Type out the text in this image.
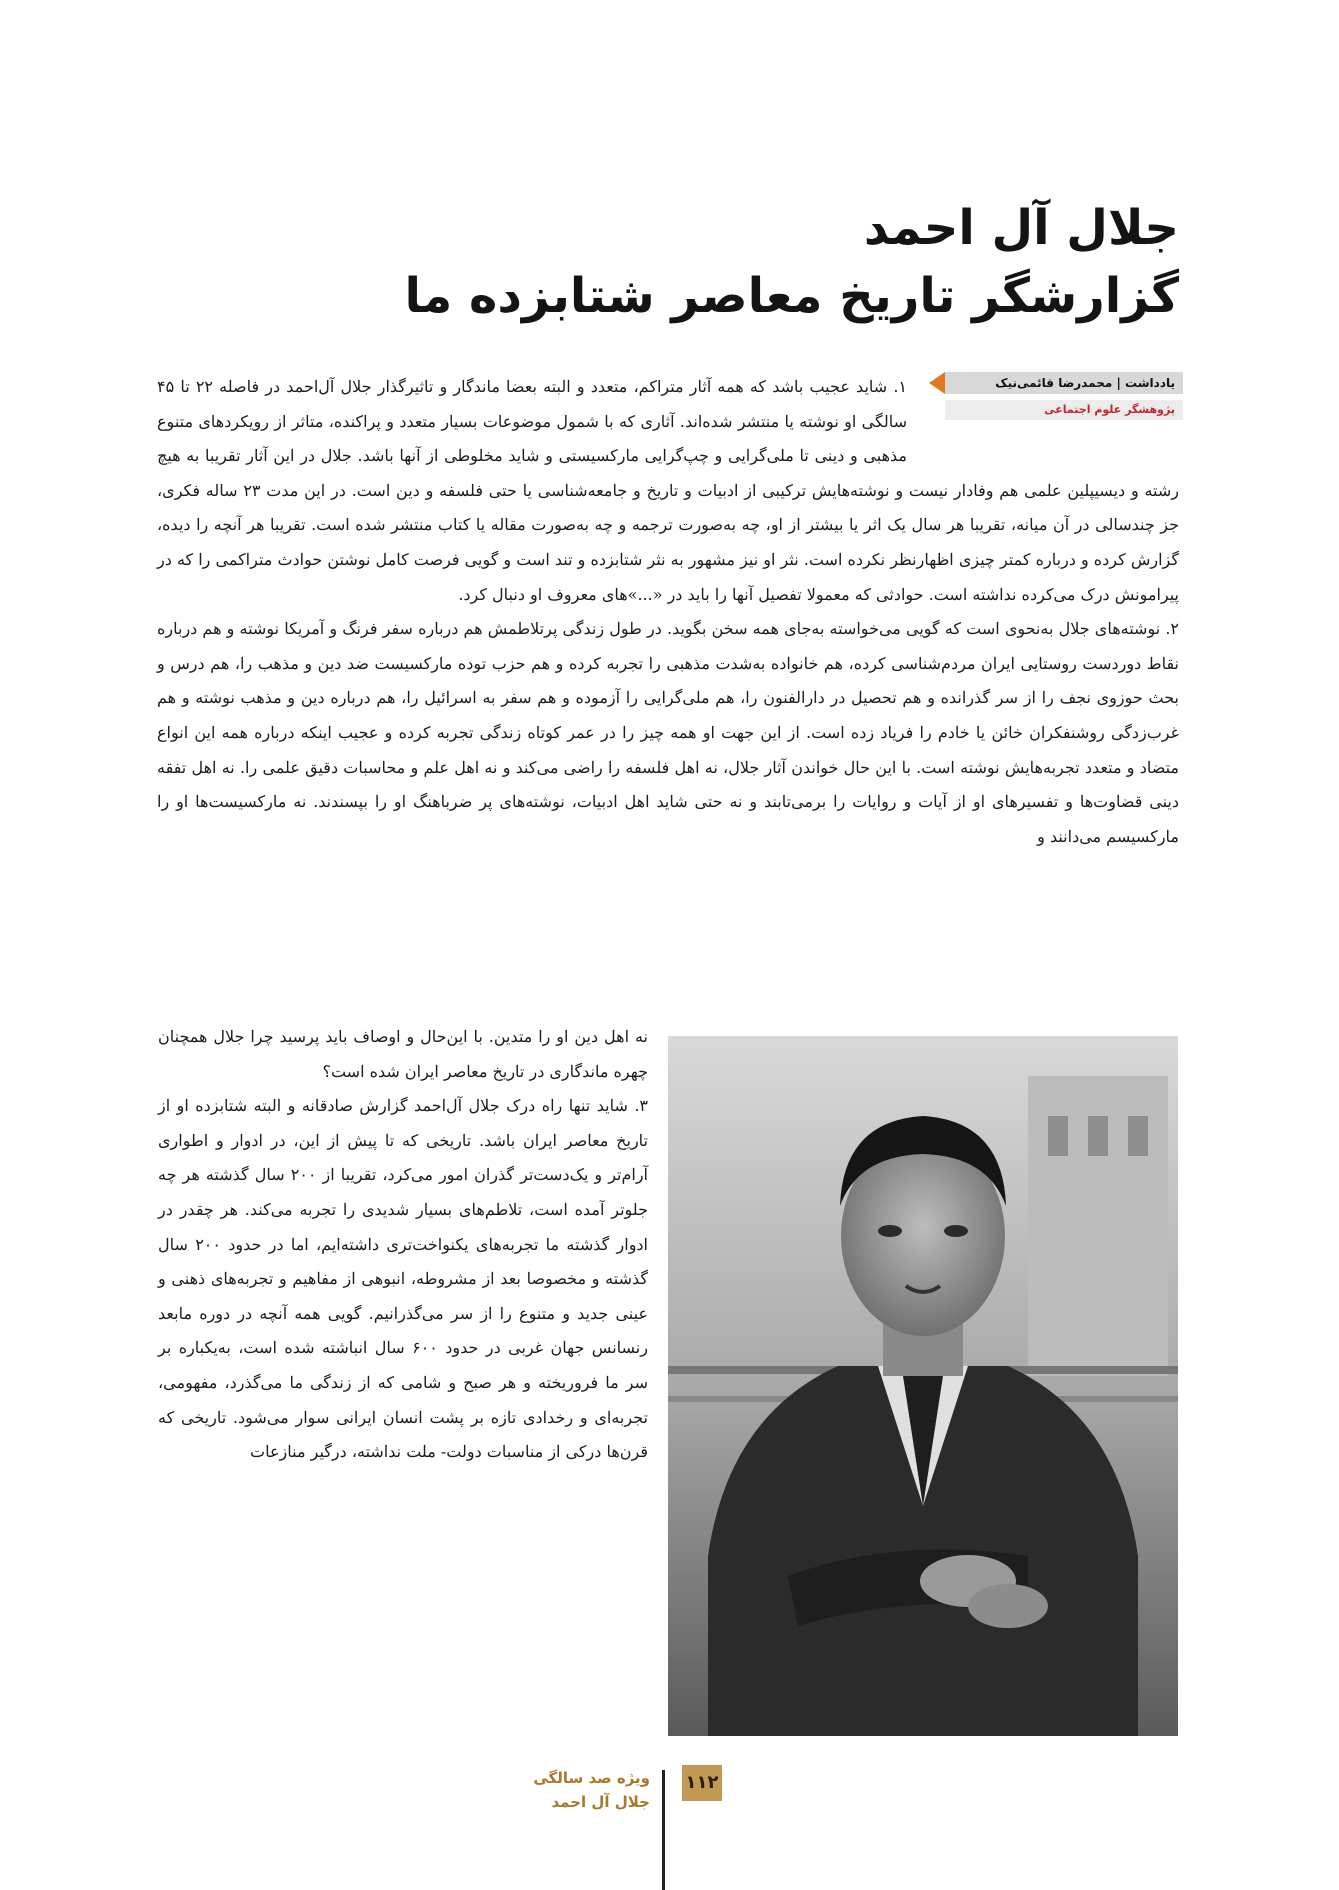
جلال آل احمد
گزارشگر تاریخ معاصر شتابزده ما
یادداشت | محمدرضا قائمی‌نیک
پژوهشگر علوم اجتماعی

۱. شاید عجیب باشد که همه آثار متراکم، متعدد و البته بعضا ماندگار و تاثیرگذار جلال آل‌احمد در فاصله ۲۲ تا ۴۵ سالگی او نوشته یا منتشر شده‌اند. آثاری که با شمول موضوعات بسیار متعدد و پراکنده، متاثر از رویکردهای متنوع مذهبی و دینی تا ملی‌گرایی و چپ‌گرایی مارکسیستی و شاید مخلوطی از آنها باشد. جلال در این آثار تقریبا به هیچ رشته و دیسیپلین علمی هم وفادار نیست و نوشته‌هایش ترکیبی از ادبیات و تاریخ و جامعه‌شناسی یا حتی فلسفه و دین است. در این مدت ۲۳ ساله فکری، جز چندسالی در آن میانه، تقریبا هر سال یک اثر یا بیشتر از او، چه به‌صورت ترجمه و چه به‌صورت مقاله یا کتاب منتشر شده است. تقریبا هر آنچه را دیده، گزارش کرده و درباره کمتر چیزی اظهارنظر نکرده است. نثر او نیز مشهور به نثر شتابزده و تند است و گویی فرصت کامل نوشتن حوادث متراکمی را که در پیرامونش درک می‌کرده نداشته است. حوادثی که معمولا تفصیل آنها را باید در «...»های معروف او دنبال کرد.

۲. نوشته‌های جلال به‌نحوی است که گویی می‌خواسته به‌جای همه سخن بگوید. در طول زندگی پرتلاطمش هم درباره سفر فرنگ و آمریکا نوشته و هم درباره نقاط دوردست روستایی ایران مردم‌شناسی کرده، هم خانواده به‌شدت مذهبی را تجربه کرده و هم حزب توده مارکسیست ضد دین و مذهب را، هم درس و بحث حوزوی نجف را از سر گذرانده و هم تحصیل در دارالفنون را، هم ملی‌گرایی را آزموده و هم سفر به اسرائیل را، هم درباره دین و مذهب نوشته و هم غرب‌زدگی روشنفکران خائن یا خادم را فریاد زده است. از این جهت او همه چیز را در عمر کوتاه زندگی تجربه کرده و عجیب اینکه درباره همه این انواع متضاد و متعدد تجربه‌هایش نوشته است. با این حال خواندن آثار جلال، نه اهل فلسفه را راضی می‌کند و نه اهل علم و محاسبات دقیق علمی را. نه اهل تفقه دینی قضاوت‌ها و تفسیرهای او از آیات و روایات را برمی‌تابند و نه حتی شاید اهل ادبیات، نوشته‌های پر ضرباهنگ او را بپسندند. نه مارکسیست‌ها او را مارکسیسم می‌دانند و

نه اهل دین او را متدین. با این‌حال و اوصاف باید پرسید چرا جلال همچنان چهره ماندگاری در تاریخ معاصر ایران شده است؟

۳. شاید تنها راه درک جلال آل‌احمد گزارش صادقانه و البته شتابزده او از تاریخ معاصر ایران باشد. تاریخی که تا پیش از این، در ادوار و اطواری آرام‌تر و یک‌دست‌تر گذران امور می‌کرد، تقریبا از ۲۰۰ سال گذشته هر چه جلوتر آمده است، تلاطم‌های بسیار شدیدی را تجربه می‌کند. هر چقدر در ادوار گذشته ما تجربه‌های یکنواخت‌تری داشته‌ایم، اما در حدود ۲۰۰ سال گذشته و مخصوصا بعد از مشروطه، انبوهی از مفاهیم و تجربه‌های ذهنی و عینی جدید و متنوع را از سر می‌گذرانیم. گویی همه آنچه در دوره مابعد رنسانس جهان غربی در حدود ۶۰۰ سال انباشته شده است، به‌یکباره بر سر ما فروریخته و هر صبح و شامی که از زندگی ما می‌گذرد، مفهومی، تجربه‌ای و رخدادی تازه بر پشت انسان ایرانی سوار می‌شود. تاریخی که قرن‌ها درکی از مناسبات دولت- ملت نداشته، درگیر منازعات

۱۱۲
ویژه صد سالگی
جلال آل احمد
